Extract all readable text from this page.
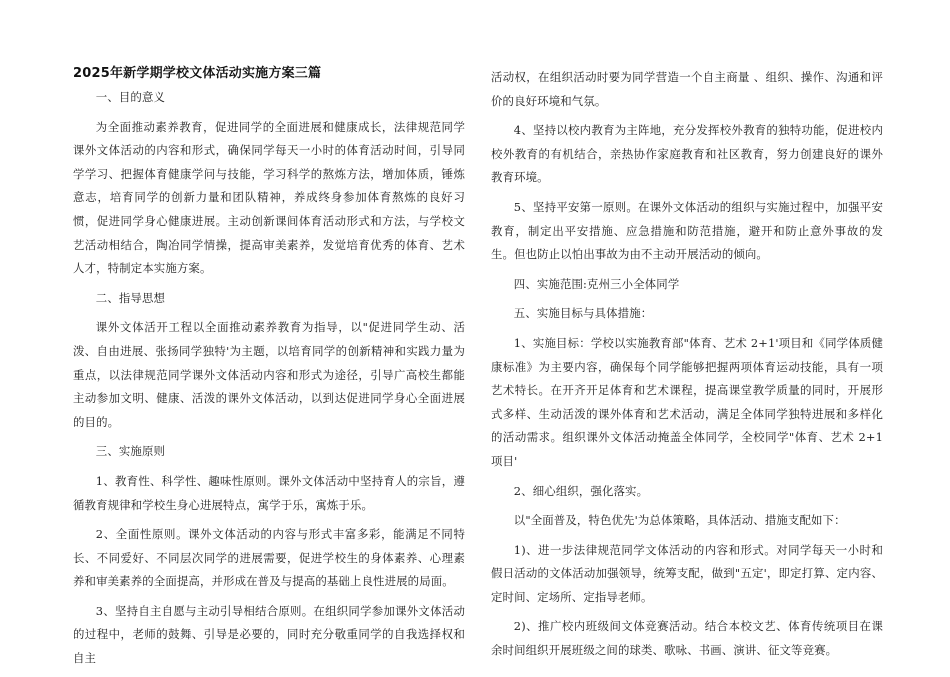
2025年新学期学校文体活动实施方案三篇

一、目的意义

为全面推动素养教育，促进同学的全面进展和健康成长，法律规范同学课外文体活动的内容和形式，确保同学每天一小时的体育活动时间，引导同学学习、把握体育健康学问与技能，学习科学的熬炼方法，增加体质，锤炼意志，培育同学的创新力量和团队精神，养成终身参加体育熬炼的良好习惯，促进同学身心健康进展。主动创新课间体育活动形式和方法，与学校文艺活动相结合，陶冶同学情操，提高审美素养，发觉培育优秀的体育、艺术人才，特制定本实施方案。

二、指导思想

课外文体活开工程以全面推动素养教育为指导，以"促进同学生动、活泼、自由进展、张扬同学独特'为主题，以培育同学的创新精神和实践力量为重点，以法律规范同学课外文体活动内容和形式为途径，引导广高校生都能主动参加文明、健康、活泼的课外文体活动，以到达促进同学身心全面进展的目的。

三、实施原则

1、教育性、科学性、趣味性原则。课外文体活动中坚持育人的宗旨，遵循教育规律和学校生身心进展特点，寓学于乐，寓炼于乐。

2、全面性原则。课外文体活动的内容与形式丰富多彩，能满足不同特长、不同爱好、不同层次同学的进展需要，促进学校生的身体素养、心理素养和审美素养的全面提高，并形成在普及与提高的基础上良性进展的局面。

3、坚持自主自愿与主动引导相结合原则。在组织同学参加课外文体活动的过程中，老师的鼓舞、引导是必要的，同时充分敬重同学的自我选择权和自主

活动权，在组织活动时要为同学营造一个自主商量 、组织、操作、沟通和评价的良好环境和气氛。

4、坚持以校内教育为主阵地，充分发挥校外教育的独特功能，促进校内校外教育的有机结合，亲热协作家庭教育和社区教育，努力创建良好的课外教育环境。

5、坚持平安第一原则。在课外文体活动的组织与实施过程中，加强平安教育，制定出平安措施、应急措施和防范措施，避开和防止意外事故的发生。但也防止以怕出事故为由不主动开展活动的倾向。

四、实施范围:克州三小全体同学

五、实施目标与具体措施：

1、实施目标：学校以实施教育部"体育、艺术 2+1'项目和《同学体质健康标准》为主要内容，确保每个同学能够把握两项体育运动技能，具有一项艺术特长。在开齐开足体育和艺术课程，提高课堂教学质量的同时，开展形式多样、生动活泼的课外体育和艺术活动，满足全体同学独特进展和多样化的活动需求。组织课外文体活动掩盖全体同学，全校同学"体育、艺术 2+1 项目'

2、细心组织，强化落实。

以"全面普及，特色优先'为总体策略，具体活动、措施支配如下：

1)、进一步法律规范同学文体活动的内容和形式。对同学每天一小时和假日活动的文体活动加强领导，统筹支配，做到"五定'，即定打算、定内容、定时间、定场所、定指导老师。

2)、推广校内班级间文体竞赛活动。结合本校文艺、体育传统项目在课余时间组织开展班级之间的球类、歌咏、书画、演讲、征文等竞赛。
